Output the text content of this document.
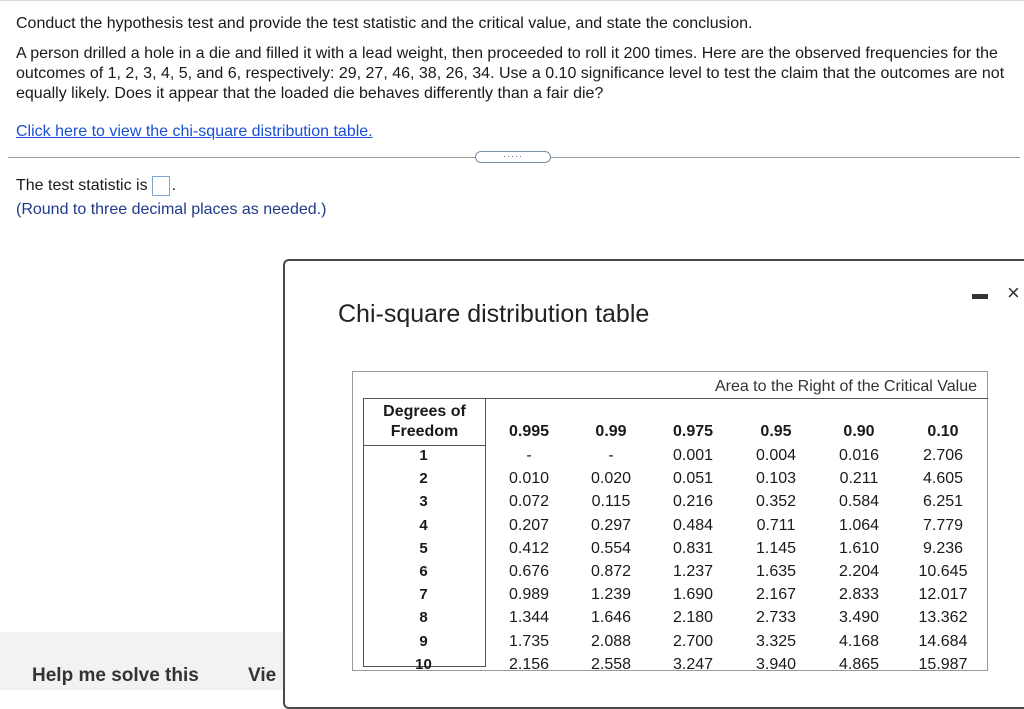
Conduct the hypothesis test and provide the test statistic and the critical value, and state the conclusion.
A person drilled a hole in a die and filled it with a lead weight, then proceeded to roll it 200 times. Here are the observed frequencies for the outcomes of 1, 2, 3, 4, 5, and 6, respectively: 29, 27, 46, 38, 26, 34. Use a 0.10 significance level to test the claim that the outcomes are not equally likely. Does it appear that the loaded die behaves differently than a fair die?
Click here to view the chi-square distribution table.
·····
The test statistic is .
(Round to three decimal places as needed.)
Help me solve this	Vie
Chi-square distribution table
×
Area to the Right of the Critical Value
Degrees of Freedom	0.995	0.99	0.975	0.95	0.90	0.10
1	-	-	0.001	0.004	0.016	2.706
2	0.010	0.020	0.051	0.103	0.211	4.605
3	0.072	0.115	0.216	0.352	0.584	6.251
4	0.207	0.297	0.484	0.711	1.064	7.779
5	0.412	0.554	0.831	1.145	1.610	9.236
6	0.676	0.872	1.237	1.635	2.204	10.645
7	0.989	1.239	1.690	2.167	2.833	12.017
8	1.344	1.646	2.180	2.733	3.490	13.362
9	1.735	2.088	2.700	3.325	4.168	14.684
10	2.156	2.558	3.247	3.940	4.865	15.987
